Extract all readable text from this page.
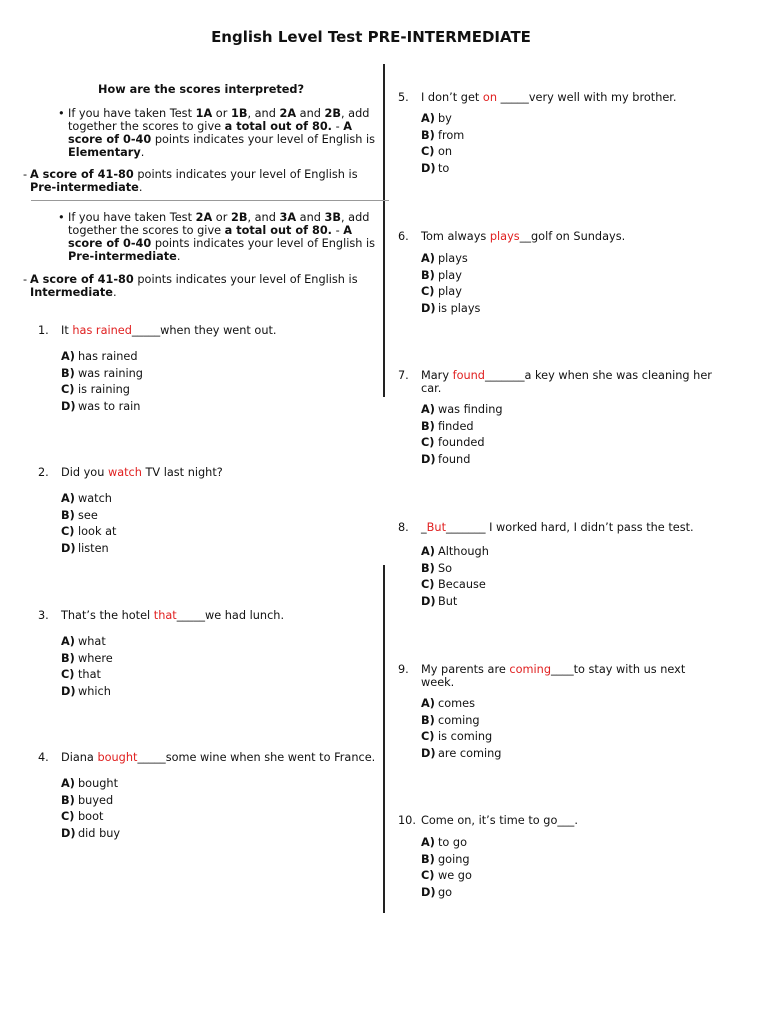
English Level Test PRE-INTERMEDIATE
How are the scores interpreted?
• If you have taken Test 1A or 1B, and 2A and 2B, add together the scores to give a total out of 80. - A score of 0-40 points indicates your level of English is Elementary.
- A score of 41-80 points indicates your level of English is Pre-intermediate.
• If you have taken Test 2A or 2B, and 3A and 3B, add together the scores to give a total out of 80. - A score of 0-40 points indicates your level of English is Pre-intermediate.
- A score of 41-80 points indicates your level of English is Intermediate.
1. It has rained_____when they went out.
A) has rained
B) was raining
C) is raining
D) was to rain
2. Did you watch TV last night?
A) watch
B) see
C) look at
D) listen
3. That’s the hotel that_____we had lunch.
A) what
B) where
C) that
D) which
4. Diana bought_____some wine when she went to France.
A) bought
B) buyed
C) boot
D) did buy
5. I don’t get on _____very well with my brother.
A) by
B) from
C) on
D) to
6. Tom always plays__golf on Sundays.
A) plays
B) play
C) play
D) is plays
7. Mary found_______a key when she was cleaning her car.
A) was finding
B) finded
C) founded
D) found
8. _But_______ I worked hard, I didn’t pass the test.
A) Although
B) So
C) Because
D) But
9. My parents are coming____to stay with us next week.
A) comes
B) coming
C) is coming
D) are coming
10. Come on, it’s time to go___.
A) to go
B) going
C) we go
D) go
